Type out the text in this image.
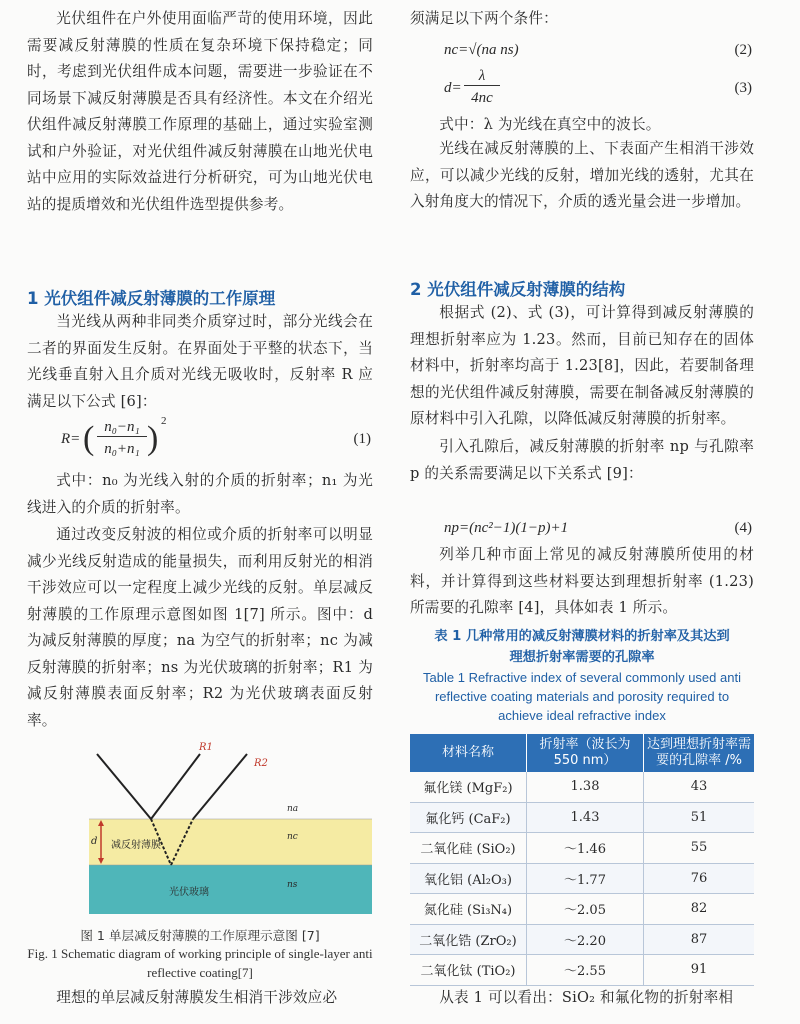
光伏组件在户外使用面临严苛的使用环境，因此需要减反射薄膜的性质在复杂环境下保持稳定；同时，考虑到光伏组件成本问题，需要进一步验证在不同场景下减反射薄膜是否具有经济性。本文在介绍光伏组件减反射薄膜工作原理的基础上，通过实验室测试和户外验证，对光伏组件减反射薄膜在山地光伏电站中应用的实际效益进行分析研究，可为山地光伏电站的提质增效和光伏组件选型提供参考。

1 光伏组件减反射薄膜的工作原理

当光线从两种非同类介质穿过时，部分光线会在二者的界面发生反射。在界面处于平整的状态下，当光线垂直射入且介质对光线无吸收时，反射率 R 应满足以下公式 [6]：

R= ( n₀−n₁
n₀+n₁ ) 2
(1)

式中：n₀ 为光线入射的介质的折射率；n₁ 为光线进入的介质的折射率。

通过改变反射波的相位或介质的折射率可以明显减少光线反射造成的能量损失，而利用反射光的相消干涉效应可以一定程度上减少光线的反射。单层减反射薄膜的工作原理示意图如图 1[7] 所示。图中：d 为减反射薄膜的厚度；na 为空气的折射率；nc 为减反射薄膜的折射率；ns 为光伏玻璃的折射率；R1 为减反射薄膜表面反射率；R2 为光伏玻璃表面反射率。

理想的单层减反射薄膜发生相消干涉效应必

R1
R2
na
nc
ns
d 减反射薄膜
光伏玻璃
图 1 单层减反射薄膜的工作原理示意图 [7]
Fig. 1 Schematic diagram of working principle of single-layer anti reflective coating[7]

须满足以下两个条件：

nc=√(na ns)	(2)
d=
λ
4nc
(3)

式中：λ 为光线在真空中的波长。

光线在减反射薄膜的上、下表面产生相消干涉效应，可以减少光线的反射，增加光线的透射，尤其在入射角度大的情况下，介质的透光量会进一步增加。

2 光伏组件减反射薄膜的结构

根据式 (2)、式 (3)，可计算得到减反射薄膜的理想折射率应为 1.23。然而，目前已知存在的固体材料中，折射率均高于 1.23[8]，因此，若要制备理想的光伏组件减反射薄膜，需要在制备减反射薄膜的原材料中引入孔隙，以降低减反射薄膜的折射率。

引入孔隙后，减反射薄膜的折射率 np 与孔隙率 p 的关系需要满足以下关系式 [9]：

np=(nc²−1)(1−p)+1	(4)

列举几种市面上常见的减反射薄膜所使用的材料，并计算得到这些材料要达到理想折射率 (1.23) 所需要的孔隙率 [4]，具体如表 1 所示。

表 1 几种常用的减反射薄膜材料的折射率及其达到

理想折射率需要的孔隙率

Table 1 Refractive index of several commonly used anti

reflective coating materials and porosity required to

achieve ideal refractive index

从表 1 可以看出：SiO₂ 和氟化物的折射率相

材料名称	折射率（波长为550 nm）	达到理想折射率需要的孔隙率 /%
氟化镁 (MgF₂)	1.38	43
氟化钙 (CaF₂)	1.43	51
二氧化硅 (SiO₂)	～1.46	55
氧化铝 (Al₂O₃)	～1.77	76
氮化硅 (Si₃N₄)	～2.05	82
二氧化锆 (ZrO₂)	～2.20	87
二氧化钛 (TiO₂)	～2.55	91
